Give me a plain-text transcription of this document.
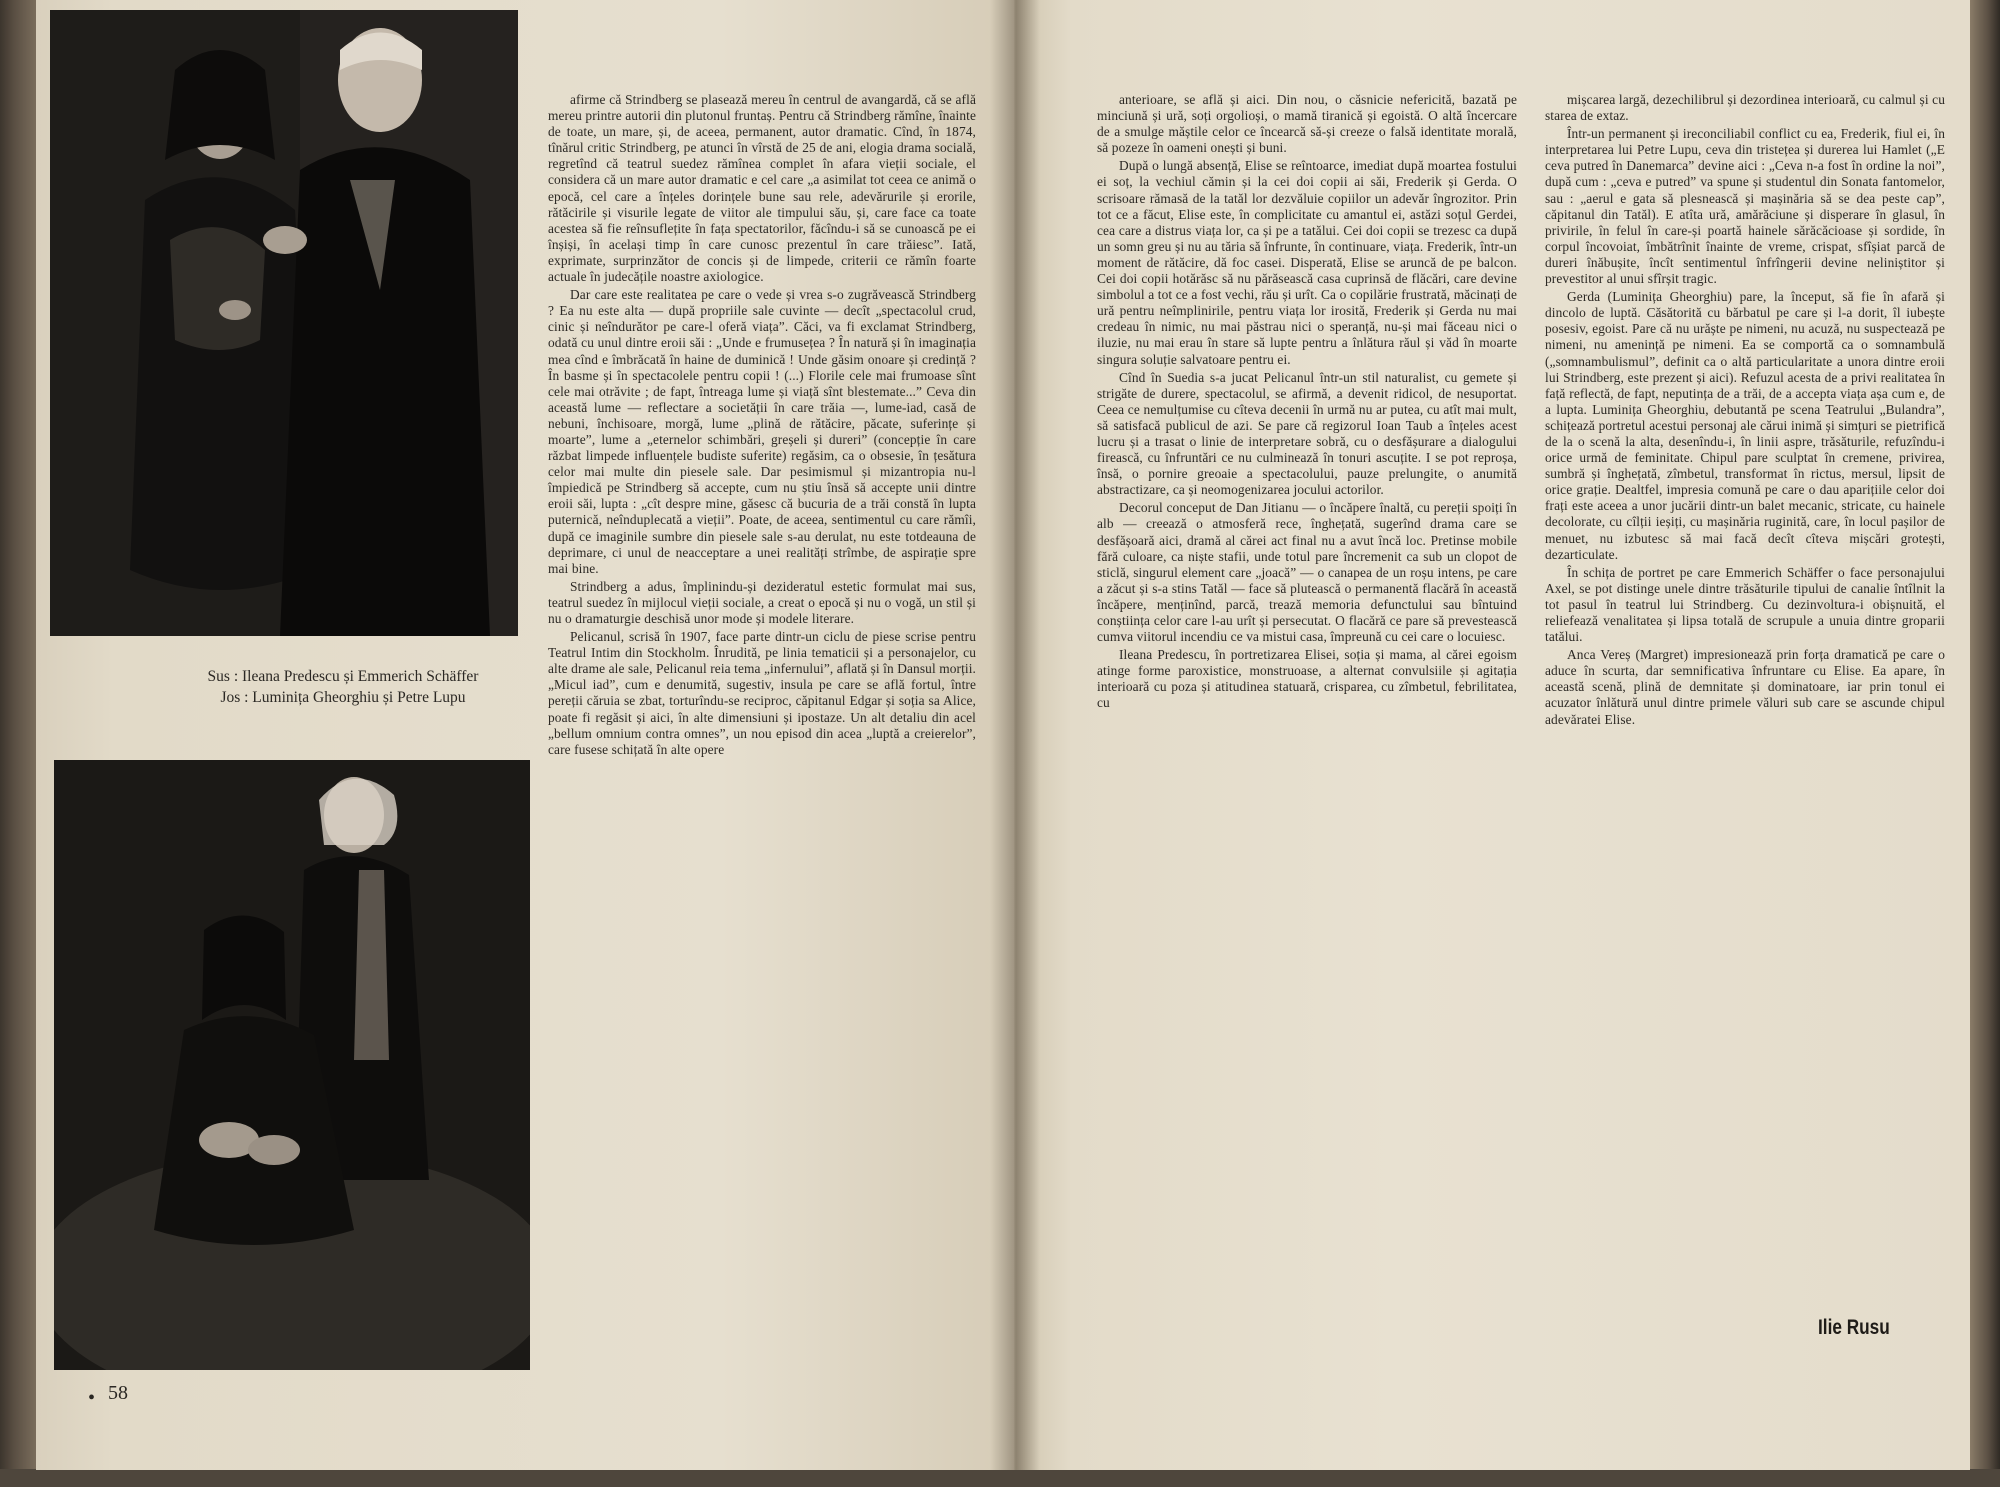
Sus : Ileana Predescu și Emmerich Schäffer
Jos : Luminița Gheorghiu și Petre Lupu
• 58

afirme că Strindberg se plasează mereu în centrul de avangardă, că se află mereu printre autorii din plutonul fruntaș. Pentru că Strindberg rămîne, înainte de toate, un mare, și, de aceea, permanent, autor dramatic. Cînd, în 1874, tînărul critic Strindberg, pe atunci în vîrstă de 25 de ani, elogia drama socială, regretînd că teatrul suedez rămînea complet în afara vieții sociale, el considera că un mare autor dramatic e cel care „a asimilat tot ceea ce animă o epocă, cel care a înțeles dorințele bune sau rele, adevărurile și erorile, rătăcirile și visurile legate de viitor ale timpului său, și, care face ca toate acestea să fie reînsuflețite în fața spectatorilor, făcîndu-i să se cunoască pe ei înșiși, în același timp în care cunosc prezentul în care trăiesc”. Iată, exprimate, surprinzător de concis și de limpede, criterii ce rămîn foarte actuale în judecățile noastre axiologice.

Dar care este realitatea pe care o vede și vrea s-o zugrăvească Strindberg ? Ea nu este alta — după propriile sale cuvinte — decît „spectacolul crud, cinic și neîndurător pe care-l oferă viața”. Căci, va fi exclamat Strindberg, odată cu unul dintre eroii săi : „Unde e frumusețea ? În natură și în imaginația mea cînd e îmbrăcată în haine de duminică ! Unde găsim onoare și credință ? În basme și în spectacolele pentru copii ! (...) Florile cele mai frumoase sînt cele mai otrăvite ; de fapt, întreaga lume și viață sînt blestemate...” Ceva din această lume — reflectare a societății în care trăia —, lume-iad, casă de nebuni, închisoare, morgă, lume „plină de rătăcire, păcate, suferințe și moarte”, lume a „eternelor schimbări, greșeli și dureri” (concepție în care răzbat limpede influențele budiste suferite) regăsim, ca o obsesie, în țesătura celor mai multe din piesele sale. Dar pesimismul și mizantropia nu-l împiedică pe Strindberg să accepte, cum nu știu însă să accepte unii dintre eroii săi, lupta : „cît despre mine, găsesc că bucuria de a trăi constă în lupta puternică, neînduplecată a vieții”. Poate, de aceea, sentimentul cu care rămîi, după ce imaginile sumbre din piesele sale s-au derulat, nu este totdeauna de deprimare, ci unul de neacceptare a unei realități strîmbe, de aspirație spre mai bine.

Strindberg a adus, împlinindu-și dezideratul estetic formulat mai sus, teatrul suedez în mijlocul vieții sociale, a creat o epocă și nu o vogă, un stil și nu o dramaturgie deschisă unor mode și modele literare.

Pelicanul, scrisă în 1907, face parte dintr-un ciclu de piese scrise pentru Teatrul Intim din Stockholm. Înrudită, pe linia tematicii și a personajelor, cu alte drame ale sale, Pelicanul reia tema „infernului”, aflată și în Dansul morții. „Micul iad”, cum e denumită, sugestiv, insula pe care se află fortul, între pereții căruia se zbat, torturîndu-se reciproc, căpitanul Edgar și soția sa Alice, poate fi regăsit și aici, în alte dimensiuni și ipostaze. Un alt detaliu din acel „bellum omnium contra omnes”, un nou episod din acea „luptă a creierelor”, care fusese schițată în alte opere

anterioare, se află și aici. Din nou, o căsnicie nefericită, bazată pe minciună și ură, soți orgolioși, o mamă tiranică și egoistă. O altă încercare de a smulge măștile celor ce încearcă să-și creeze o falsă identitate morală, să pozeze în oameni onești și buni.

După o lungă absență, Elise se reîntoarce, imediat după moartea fostului ei soț, la vechiul cămin și la cei doi copii ai săi, Frederik și Gerda. O scrisoare rămasă de la tatăl lor dezvăluie copiilor un adevăr îngrozitor. Prin tot ce a făcut, Elise este, în complicitate cu amantul ei, astăzi soțul Gerdei, cea care a distrus viața lor, ca și pe a tatălui. Cei doi copii se trezesc ca după un somn greu și nu au tăria să înfrunte, în continuare, viața. Frederik, într-un moment de rătăcire, dă foc casei. Disperată, Elise se aruncă de pe balcon. Cei doi copii hotărăsc să nu părăsească casa cuprinsă de flăcări, care devine simbolul a tot ce a fost vechi, rău și urît. Ca o copilărie frustrată, măcinați de ură pentru neîmplinirile, pentru viața lor irosită, Frederik și Gerda nu mai credeau în nimic, nu mai păstrau nici o speranță, nu-și mai făceau nici o iluzie, nu mai erau în stare să lupte pentru a înlătura răul și văd în moarte singura soluție salvatoare pentru ei.

Cînd în Suedia s-a jucat Pelicanul într-un stil naturalist, cu gemete și strigăte de durere, spectacolul, se afirmă, a devenit ridicol, de nesuportat. Ceea ce nemulțumise cu cîteva decenii în urmă nu ar putea, cu atît mai mult, să satisfacă publicul de azi. Se pare că regizorul Ioan Taub a înțeles acest lucru și a trasat o linie de interpretare sobră, cu o desfășurare a dialogului firească, cu înfruntări ce nu culminează în tonuri ascuțite. I se pot reproșa, însă, o pornire greoaie a spectacolului, pauze prelungite, o anumită abstractizare, ca și neomogenizarea jocului actorilor.

Decorul conceput de Dan Jitianu — o încăpere înaltă, cu pereții spoiți în alb — creează o atmosferă rece, înghețată, sugerînd drama care se desfășoară aici, dramă al cărei act final nu a avut încă loc. Pretinse mobile fără culoare, ca niște stafii, unde totul pare încremenit ca sub un clopot de sticlă, singurul element care „joacă” — o canapea de un roșu intens, pe care a zăcut și s-a stins Tatăl — face să plutească o permanentă flacără în această încăpere, menținînd, parcă, trează memoria defunctului sau bîntuind conștiința celor care l-au urît și persecutat. O flacără ce pare să prevestească cumva viitorul incendiu ce va mistui casa, împreună cu cei care o locuiesc.

Ileana Predescu, în portretizarea Elisei, soția și mama, al cărei egoism atinge forme paroxistice, monstruoase, a alternat convulsiile și agitația interioară cu poza și atitudinea statuară, crisparea, cu zîmbetul, febrilitatea, cu

mișcarea largă, dezechilibrul și dezordinea interioară, cu calmul și cu starea de extaz.

Într-un permanent și ireconciliabil conflict cu ea, Frederik, fiul ei, în interpretarea lui Petre Lupu, ceva din tristețea și durerea lui Hamlet („E ceva putred în Danemarca” devine aici : „Ceva n-a fost în ordine la noi”, după cum : „ceva e putred” va spune și studentul din Sonata fantomelor, sau : „aerul e gata să plesnească și mașinăria să se dea peste cap”, căpitanul din Tatăl). E atîta ură, amărăciune și disperare în glasul, în privirile, în felul în care-și poartă hainele sărăcăcioase și sordide, în corpul încovoiat, îmbătrînit înainte de vreme, crispat, sfîșiat parcă de dureri înăbușite, încît sentimentul înfrîngerii devine neliniștitor și prevestitor al unui sfîrșit tragic.

Gerda (Luminița Gheorghiu) pare, la început, să fie în afară și dincolo de luptă. Căsătorită cu bărbatul pe care și l-a dorit, îl iubește posesiv, egoist. Pare că nu urăște pe nimeni, nu acuză, nu suspectează pe nimeni, nu amenință pe nimeni. Ea se comportă ca o somnambulă („somnambulismul”, definit ca o altă particularitate a unora dintre eroii lui Strindberg, este prezent și aici). Refuzul acesta de a privi realitatea în față reflectă, de fapt, neputința de a trăi, de a accepta viața așa cum e, de a lupta. Luminița Gheorghiu, debutantă pe scena Teatrului „Bulandra”, schițează portretul acestui personaj ale cărui inimă și simțuri se pietrifică de la o scenă la alta, desenîndu-i, în linii aspre, trăsăturile, refuzîndu-i orice urmă de feminitate. Chipul pare sculptat în cremene, privirea, sumbră și înghețată, zîmbetul, transformat în rictus, mersul, lipsit de orice grație. Dealtfel, impresia comună pe care o dau aparițiile celor doi frați este aceea a unor jucării dintr-un balet mecanic, stricate, cu hainele decolorate, cu cîlții ieșiți, cu mașinăria ruginită, care, în locul pașilor de menuet, nu izbutesc să mai facă decît cîteva mișcări grotești, dezarticulate.

În schița de portret pe care Emmerich Schäffer o face personajului Axel, se pot distinge unele dintre trăsăturile tipului de canalie întîlnit la tot pasul în teatrul lui Strindberg. Cu dezinvoltura-i obișnuită, el reliefează venalitatea și lipsa totală de scrupule a unuia dintre groparii tatălui.

Anca Vereș (Margret) impresionează prin forța dramatică pe care o aduce în scurta, dar semnificativa înfruntare cu Elise. Ea apare, în această scenă, plină de demnitate și dominatoare, iar prin tonul ei acuzator înlătură unul dintre primele văluri sub care se ascunde chipul adevăratei Elise.

Ilie Rusu
